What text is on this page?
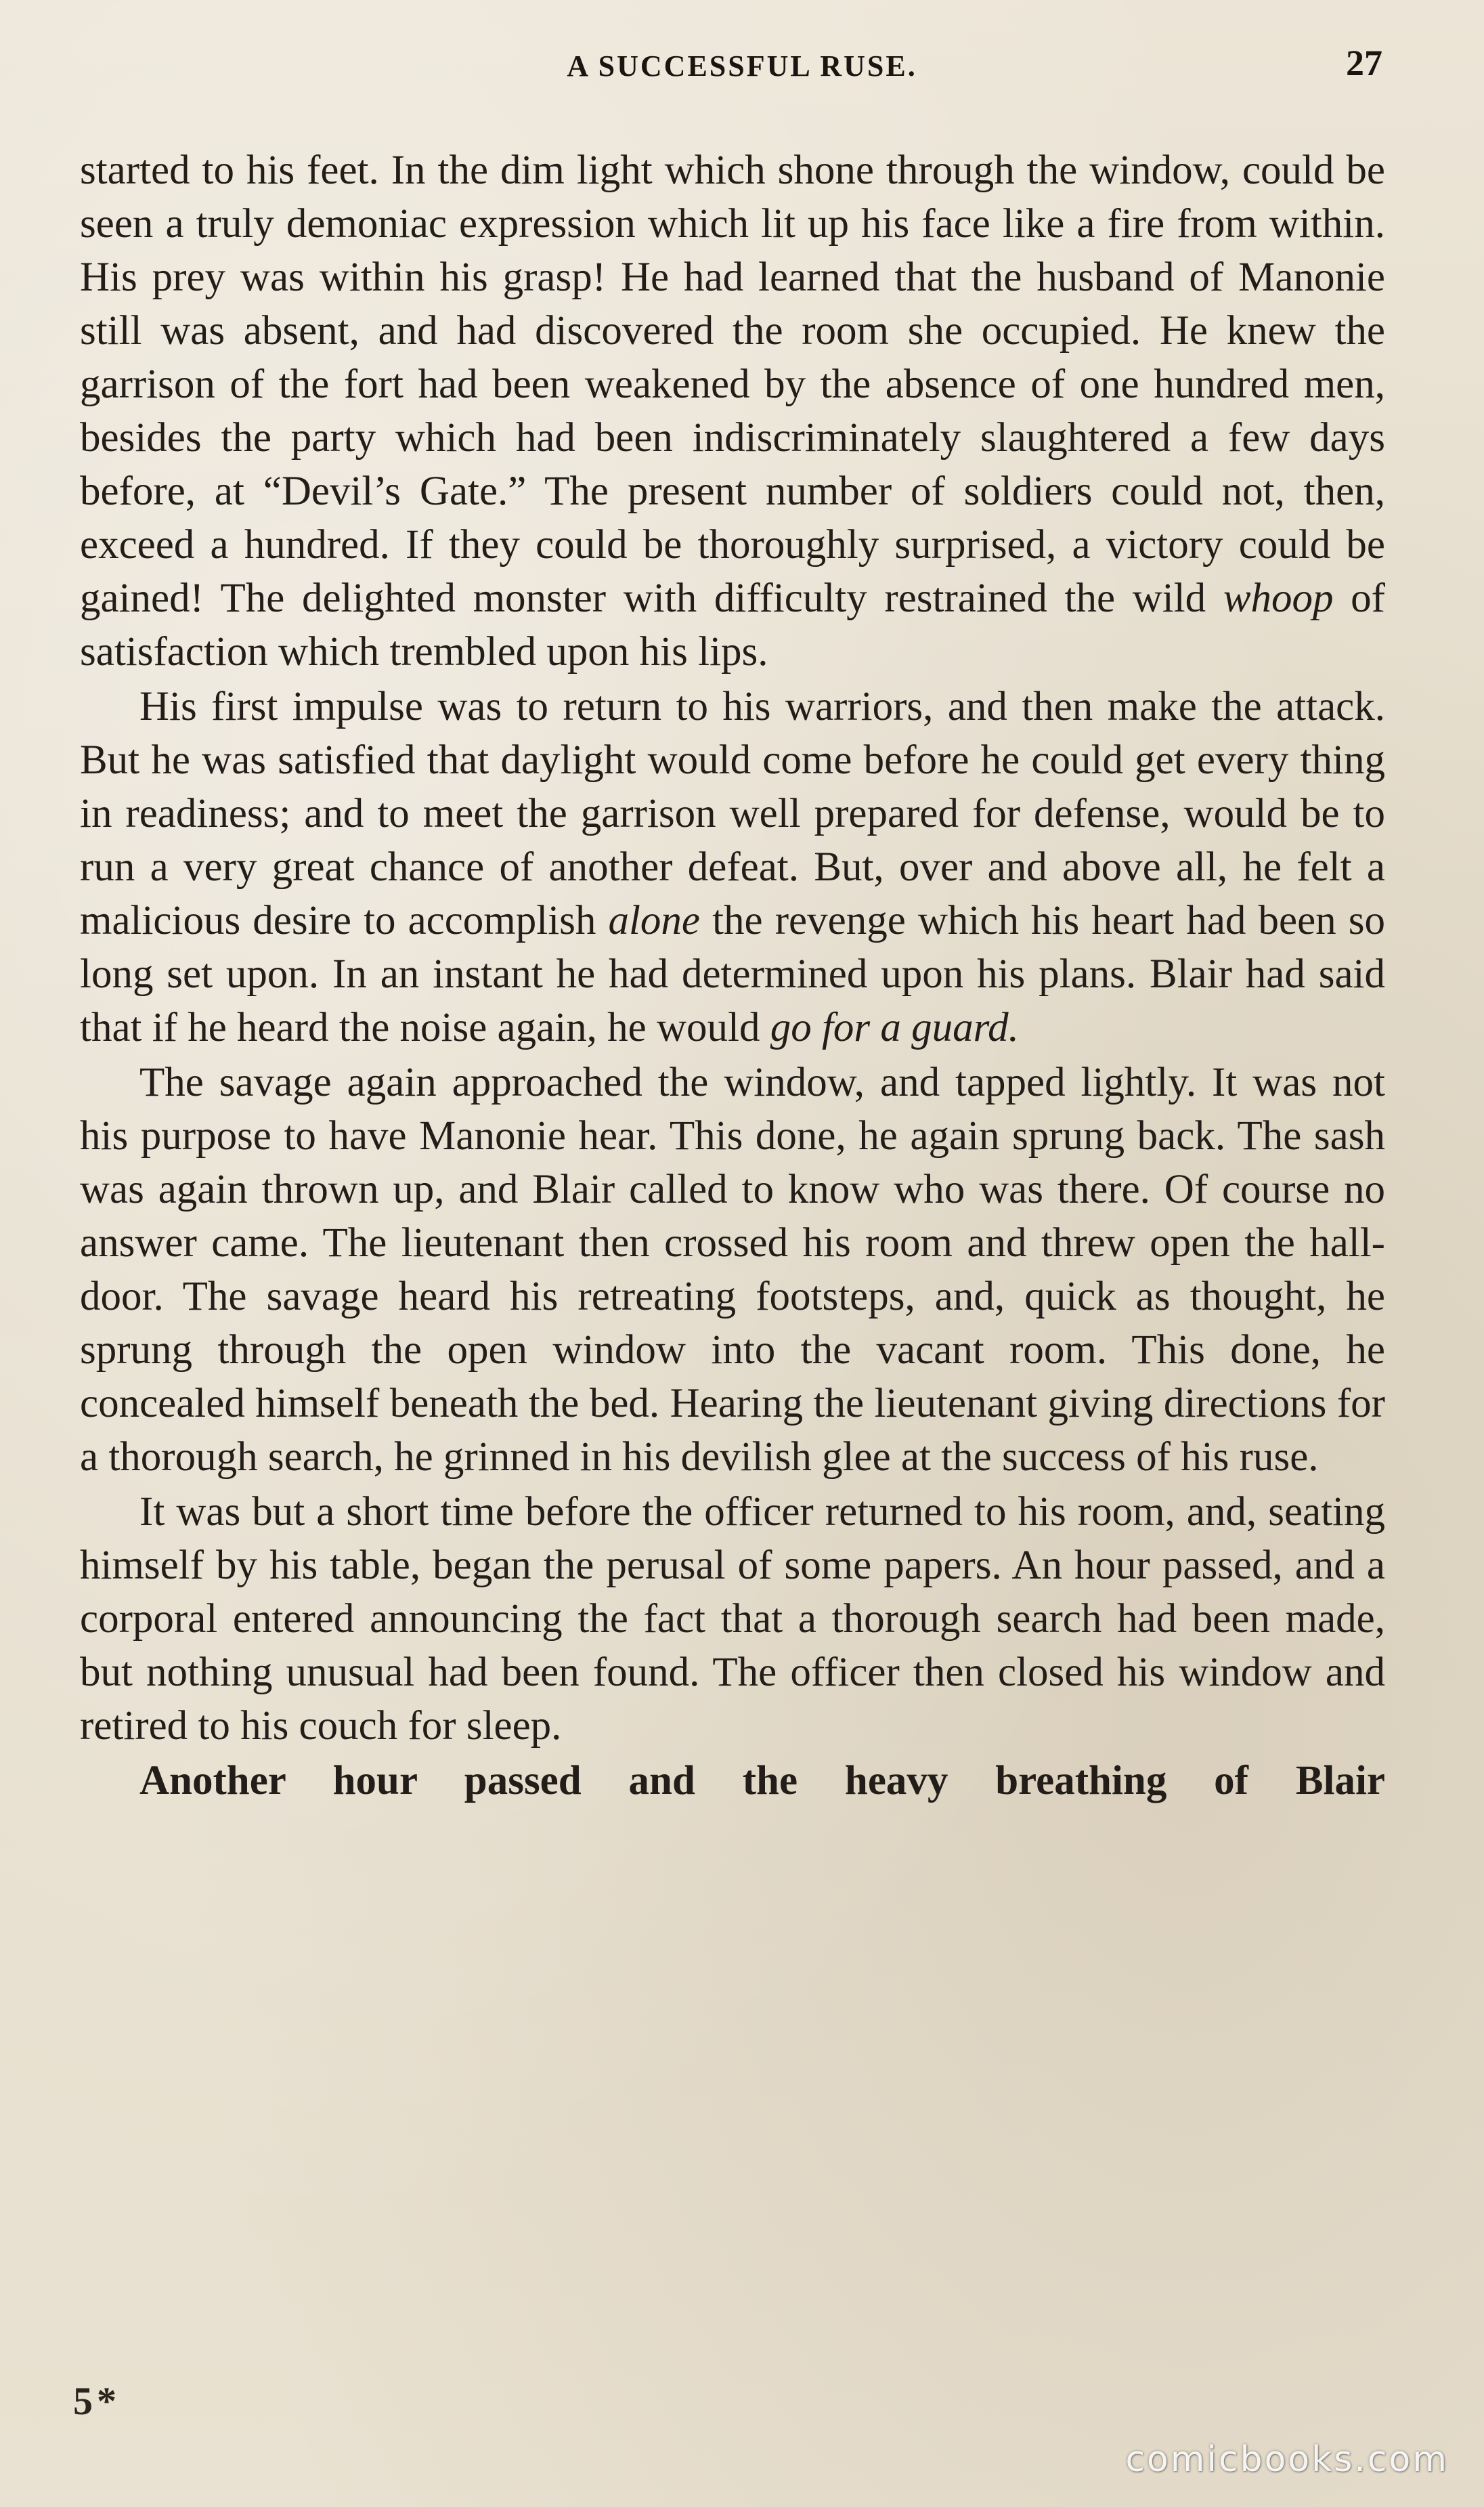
A SUCCESSFUL RUSE.	27

started to his feet. In the dim light which shone through the window, could be seen a truly demoniac expression which lit up his face like a fire from within. His prey was within his grasp! He had learned that the husband of Manonie still was absent, and had discovered the room she occupied. He knew the garrison of the fort had been weakened by the absence of one hundred men, besides the party which had been indiscriminately slaughtered a few days before, at “Devil’s Gate.” The present number of soldiers could not, then, exceed a hundred. If they could be thoroughly surprised, a victory could be gained! The delighted monster with difficulty restrained the wild whoop of satisfaction which trembled upon his lips.

His first impulse was to return to his warriors, and then make the attack. But he was satisfied that daylight would come before he could get every thing in readiness; and to meet the garrison well prepared for defense, would be to run a very great chance of another defeat. But, over and above all, he felt a malicious desire to accomplish alone the revenge which his heart had been so long set upon. In an instant he had determined upon his plans. Blair had said that if he heard the noise again, he would go for a guard.

The savage again approached the window, and tapped lightly. It was not his purpose to have Manonie hear. This done, he again sprung back. The sash was again thrown up, and Blair called to know who was there. Of course no answer came. The lieutenant then crossed his room and threw open the hall-door. The savage heard his retreating footsteps, and, quick as thought, he sprung through the open window into the vacant room. This done, he concealed himself beneath the bed. Hearing the lieutenant giving directions for a thorough search, he grinned in his devilish glee at the success of his ruse.

It was but a short time before the officer returned to his room, and, seating himself by his table, began the perusal of some papers. An hour passed, and a corporal entered announcing the fact that a thorough search had been made, but nothing unusual had been found. The officer then closed his window and retired to his couch for sleep.

Another hour passed and the heavy breathing of Blair

5*
comicbooks.com
